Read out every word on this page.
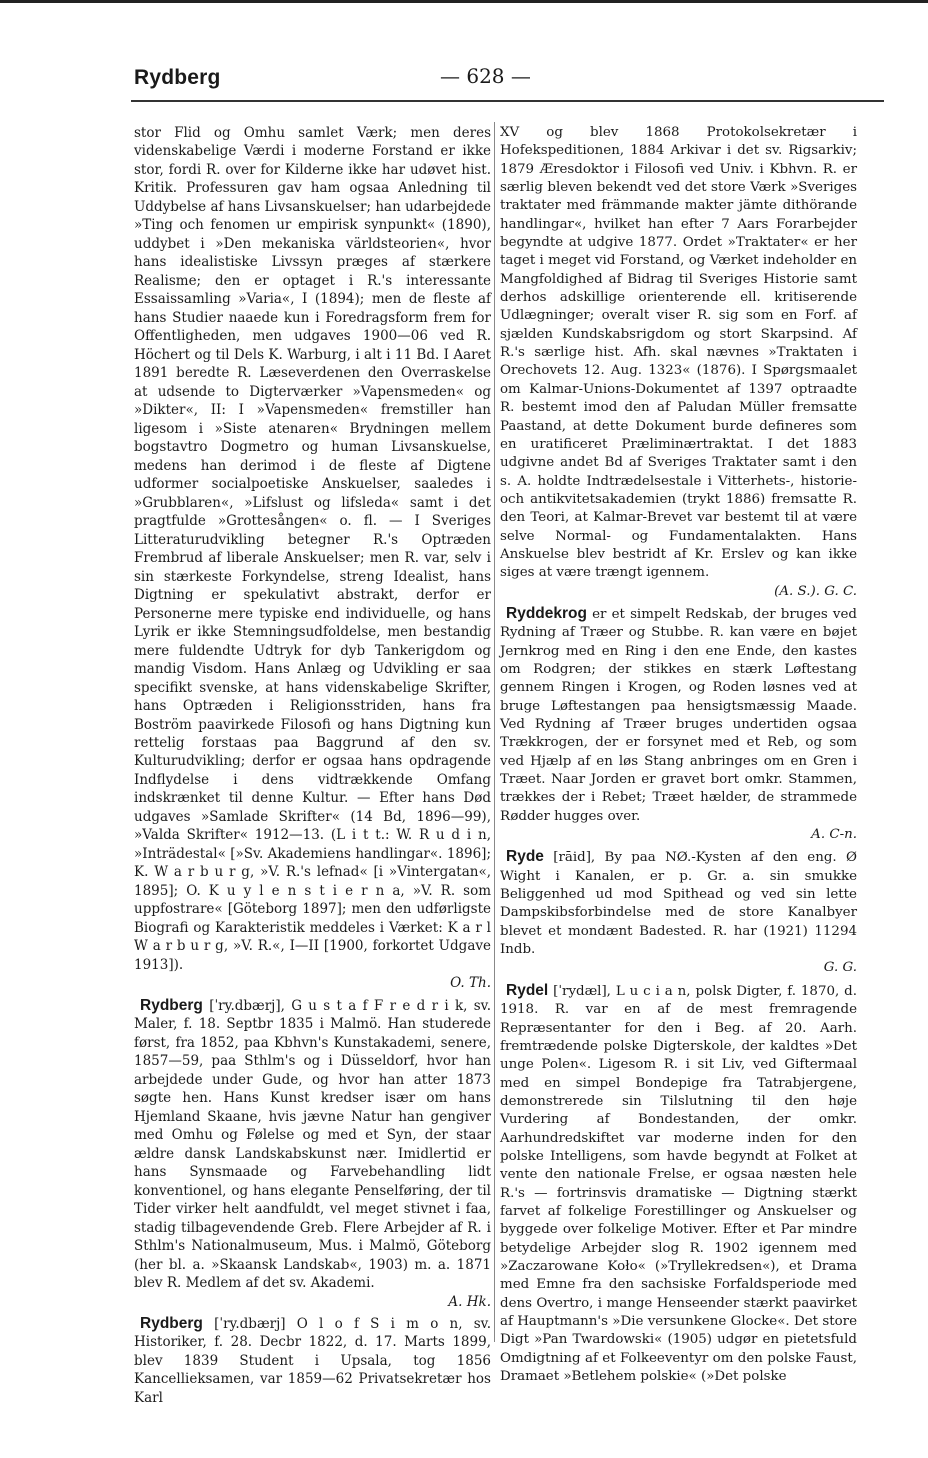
Rydberg	— 628 —

stor Flid og Omhu samlet Værk; men deres videnskabelige Værdi i moderne Forstand er ikke stor, fordi R. over for Kilderne ikke har udøvet hist. Kritik. Professuren gav ham ogsaa Anledning til Uddybelse af hans Livsanskuelser; han udarbejdede »Ting och fenomen ur empirisk synpunkt« (1890), uddybet i »Den mekaniska världsteorien«, hvor hans idealistiske Livssyn præges af stærkere Realisme; den er optaget i R.'s interessante Essaissamling »Varia«, I (1894); men de fleste af hans Studier naaede kun i Foredragsform frem for Offentligheden, men udgaves 1900—06 ved R. Höchert og til Dels K. Warburg, i alt i 11 Bd. I Aaret 1891 beredte R. Læseverdenen den Overraskelse at udsende to Digterværker »Vapensmeden« og »Dikter«, II: I »Vapensmeden« fremstiller han ligesom i »Siste atenaren« Brydningen mellem bogstavtro Dogmetro og human Livsanskuelse, medens han derimod i de fleste af Digtene udformer socialpoetiske Anskuelser, saaledes i »Grubblaren«, »Lifslust og lifsleda« samt i det pragtfulde »Grottesången« o. fl. — I Sveriges Litteraturudvikling betegner R.'s Optræden Frembrud af liberale Anskuelser; men R. var, selv i sin stærkeste Forkyndelse, streng Idealist, hans Digtning er spekulativt abstrakt, derfor er Personerne mere typiske end individuelle, og hans Lyrik er ikke Stemningsudfoldelse, men bestandig mere fuldendte Udtryk for dyb Tankerigdom og mandig Visdom. Hans Anlæg og Udvikling er saa specifikt svenske, at hans videnskabelige Skrifter, hans Optræden i Religionsstriden, hans fra Boström paavirkede Filosofi og hans Digtning kun rettelig forstaas paa Baggrund af den sv. Kulturudvikling; derfor er ogsaa hans opdragende Indflydelse i dens vidtrækkende Omfang indskrænket til denne Kultur. — Efter hans Død udgaves »Samlade Skrifter« (14 Bd, 1896—99), »Valda Skrifter« 1912—13. (L i t t.: W. R u d i n, »Inträdestal« [»Sv. Akademiens handlingar«. 1896]; K. W a r b u r g, »V. R.'s lefnad« [i »Vintergatan«, 1895]; O. K u y l e n s t i e r n a, »V. R. som uppfostrare« [Göteborg 1897]; men den udførligste Biografi og Karakteristik meddeles i Værket: K a r l W a r b u r g, »V. R.«, I—II [1900, forkortet Udgave 1913]).
O. Th.

Rydberg [ˈry.dbærj], G u s t a f F r e d r i k, sv. Maler, f. 18. Septbr 1835 i Malmö. Han studerede først, fra 1852, paa Kbhvn's Kunstakademi, senere, 1857—59, paa Sthlm's og i Düsseldorf, hvor han arbejdede under Gude, og hvor han atter 1873 søgte hen. Hans Kunst kredser især om hans Hjemland Skaane, hvis jævne Natur han gengiver med Omhu og Følelse og med et Syn, der staar ældre dansk Landskabskunst nær. Imidlertid er hans Synsmaade og Farvebehandling lidt konventionel, og hans elegante Penselføring, der til Tider virker helt aandfuldt, vel meget stivnet i faa, stadig tilbagevendende Greb. Flere Arbejder af R. i Sthlm's Nationalmuseum, Mus. i Malmö, Göteborg (her bl. a. »Skaansk Landskab«, 1903) m. a. 1871 blev R. Medlem af det sv. Akademi.
A. Hk.

Rydberg [ˈry.dbærj] O l o f S i m o n, sv. Historiker, f. 28. Decbr 1822, d. 17. Marts 1899, blev 1839 Student i Upsala, tog 1856 Kancellieksamen, var 1859—62 Privatsekretær hos Karl

XV og blev 1868 Protokolsekretær i Hofekspeditionen, 1884 Arkivar i det sv. Rigsarkiv; 1879 Æresdoktor i Filosofi ved Univ. i Kbhvn. R. er særlig bleven bekendt ved det store Værk »Sveriges traktater med främmande makter jämte dithörande handlingar«, hvilket han efter 7 Aars Forarbejder begyndte at udgive 1877. Ordet »Traktater« er her taget i meget vid Forstand, og Værket indeholder en Mangfoldighed af Bidrag til Sveriges Historie samt derhos adskillige orienterende ell. kritiserende Udlægninger; overalt viser R. sig som en Forf. af sjælden Kundskabsrigdom og stort Skarpsind. Af R.'s særlige hist. Afh. skal nævnes »Traktaten i Orechovets 12. Aug. 1323« (1876). I Spørgsmaalet om Kalmar-Unions-Dokumentet af 1397 optraadte R. bestemt imod den af Paludan Müller fremsatte Paastand, at dette Dokument burde defineres som en uratificeret Præliminærtraktat. I det 1883 udgivne andet Bd af Sveriges Traktater samt i den s. A. holdte Indtrædelsestale i Vitterhets-, historie- och antikvitetsakademien (trykt 1886) fremsatte R. den Teori, at Kalmar-Brevet var bestemt til at være selve Normal- og Fundamentalakten. Hans Anskuelse blev bestridt af Kr. Erslev og kan ikke siges at være trængt igennem.
(A. S.). G. C.

Ryddekrog er et simpelt Redskab, der bruges ved Rydning af Træer og Stubbe. R. kan være en bøjet Jernkrog med en Ring i den ene Ende, den kastes om Rodgren; der stikkes en stærk Løftestang gennem Ringen i Krogen, og Roden løsnes ved at bruge Løftestangen paa hensigtsmæssig Maade. Ved Rydning af Træer bruges undertiden ogsaa Trækkrogen, der er forsynet med et Reb, og som ved Hjælp af en løs Stang anbringes om en Gren i Træet. Naar Jorden er gravet bort omkr. Stammen, trækkes der i Rebet; Træet hælder, de strammede Rødder hugges over.
A. C-n.

Ryde [rāid], By paa NØ.-Kysten af den eng. Ø Wight i Kanalen, er p. Gr. a. sin smukke Beliggenhed ud mod Spithead og ved sin lette Dampskibsforbindelse med de store Kanalbyer blevet et mondænt Badested. R. har (1921) 11294 Indb.
G. G.

Rydel [ˈrydæl], L u c i a n, polsk Digter, f. 1870, d. 1918. R. var en af de mest fremragende Repræsentanter for den i Beg. af 20. Aarh. fremtrædende polske Digterskole, der kaldtes »Det unge Polen«. Ligesom R. i sit Liv, ved Giftermaal med en simpel Bondepige fra Tatrabjergene, demonstrerede sin Tilslutning til den høje Vurdering af Bondestanden, der omkr. Aarhundredskiftet var moderne inden for den polske Intelligens, som havde begyndt at Folket at vente den nationale Frelse, er ogsaa næsten hele R.'s — fortrinsvis dramatiske — Digtning stærkt farvet af folkelige Forestillinger og Anskuelser og byggede over folkelige Motiver. Efter et Par mindre betydelige Arbejder slog R. 1902 igennem med »Zaczarowane Koło« (»Tryllekredsen«), et Drama med Emne fra den sachsiske Forfaldsperiode med dens Overtro, i mange Henseender stærkt paavirket af Hauptmann's »Die versunkene Glocke«. Det store Digt »Pan Twardowski« (1905) udgør en pietetsfuld Omdigtning af et Folkeeventyr om den polske Faust, Dramaet »Betlehem polskie« (»Det polske
